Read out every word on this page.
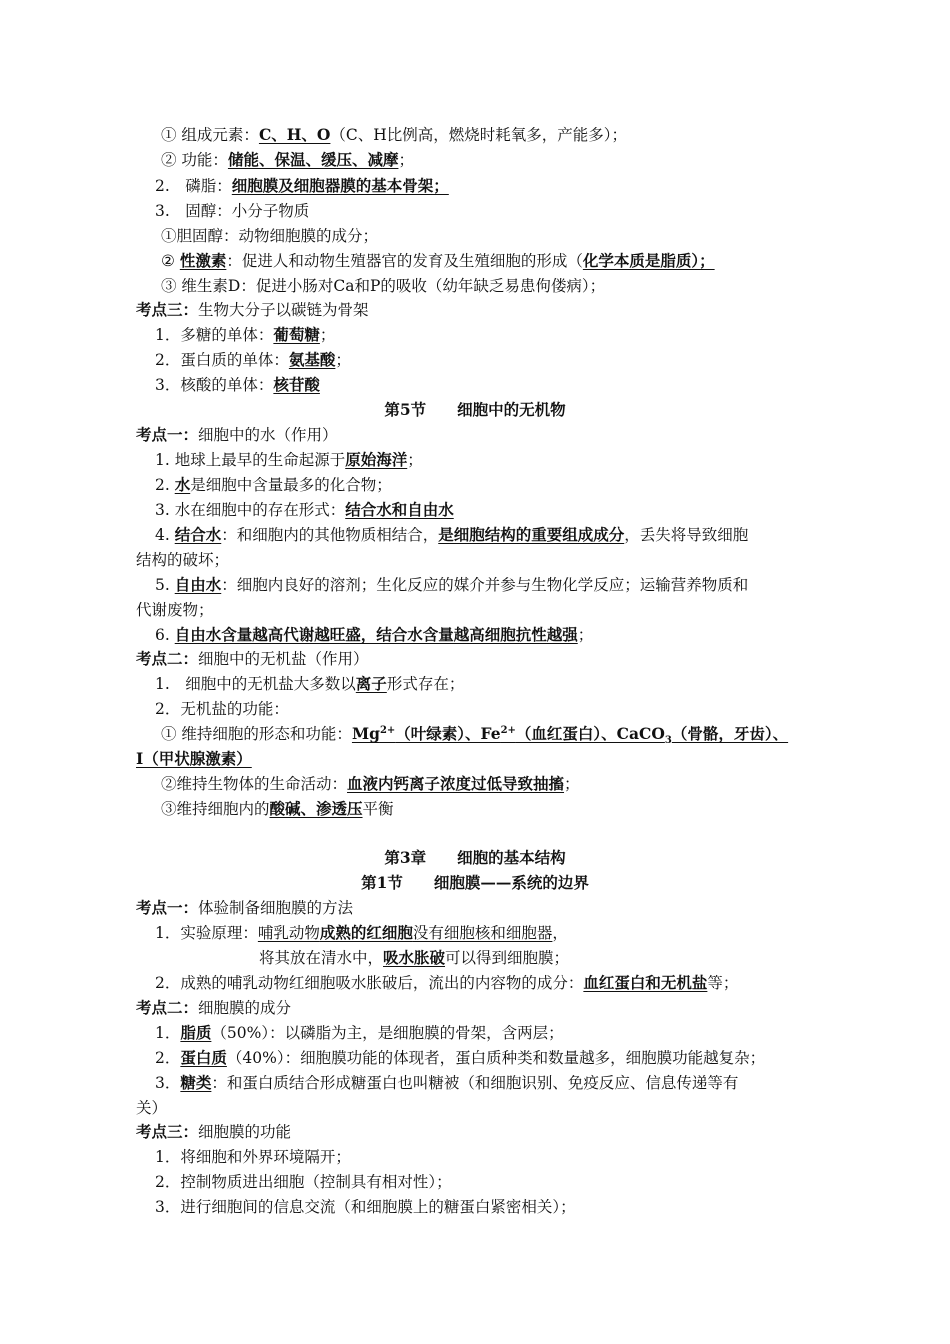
① 组成元素：C、H、O（C、H比例高，燃烧时耗氧多，产能多）；
② 功能：储能、保温、缓压、减摩；
2.　磷脂：细胞膜及细胞器膜的基本骨架；
3.　固醇：小分子物质
①胆固醇：动物细胞膜的成分；
② 性激素：促进人和动物生殖器官的发育及生殖细胞的形成（化学本质是脂质）；
③ 维生素D：促进小肠对Ca和P的吸收（幼年缺乏易患佝偻病）；
考点三：生物大分子以碳链为骨架
1．多糖的单体：葡萄糖；
2．蛋白质的单体：氨基酸；
3．核酸的单体：核苷酸
第5节 细胞中的无机物
考点一：细胞中的水（作用）
1. 地球上最早的生命起源于原始海洋；
2. 水是细胞中含量最多的化合物；
3. 水在细胞中的存在形式：结合水和自由水
4. 结合水：和细胞内的其他物质相结合，是细胞结构的重要组成成分，丢失将导致细胞
结构的破坏；
5. 自由水：细胞内良好的溶剂；生化反应的媒介并参与生物化学反应；运输营养物质和
代谢废物；
6. 自由水含量越高代谢越旺盛，结合水含量越高细胞抗性越强；
考点二：细胞中的无机盐（作用）
1.　细胞中的无机盐大多数以离子形式存在；
2．无机盐的功能：
① 维持细胞的形态和功能：$Mg^{2+}$（叶绿素）、$Fe^{2+}$（血红蛋白）、CaCO$_3$（骨骼，牙齿）、
I（甲状腺激素）
②维持生物体的生命活动：血液内钙离子浓度过低导致抽搐；
③维持细胞内的酸碱、渗透压平衡
第3章 细胞的基本结构
第1节 细胞膜——系统的边界
考点一：体验制备细胞膜的方法
1．实验原理：哺乳动物成熟的红细胞没有细胞核和细胞器，
将其放在清水中，吸水胀破可以得到细胞膜；
2．成熟的哺乳动物红细胞吸水胀破后，流出的内容物的成分：血红蛋白和无机盐等；
考点二：细胞膜的成分
1．脂质（50%）：以磷脂为主，是细胞膜的骨架，含两层；
2．蛋白质（40%）：细胞膜功能的体现者，蛋白质种类和数量越多，细胞膜功能越复杂；
3．糖类：和蛋白质结合形成糖蛋白也叫糖被（和细胞识别、免疫反应、信息传递等有
关）
考点三：细胞膜的功能
1．将细胞和外界环境隔开；
2．控制物质进出细胞（控制具有相对性）；
3．进行细胞间的信息交流（和细胞膜上的糖蛋白紧密相关）；
